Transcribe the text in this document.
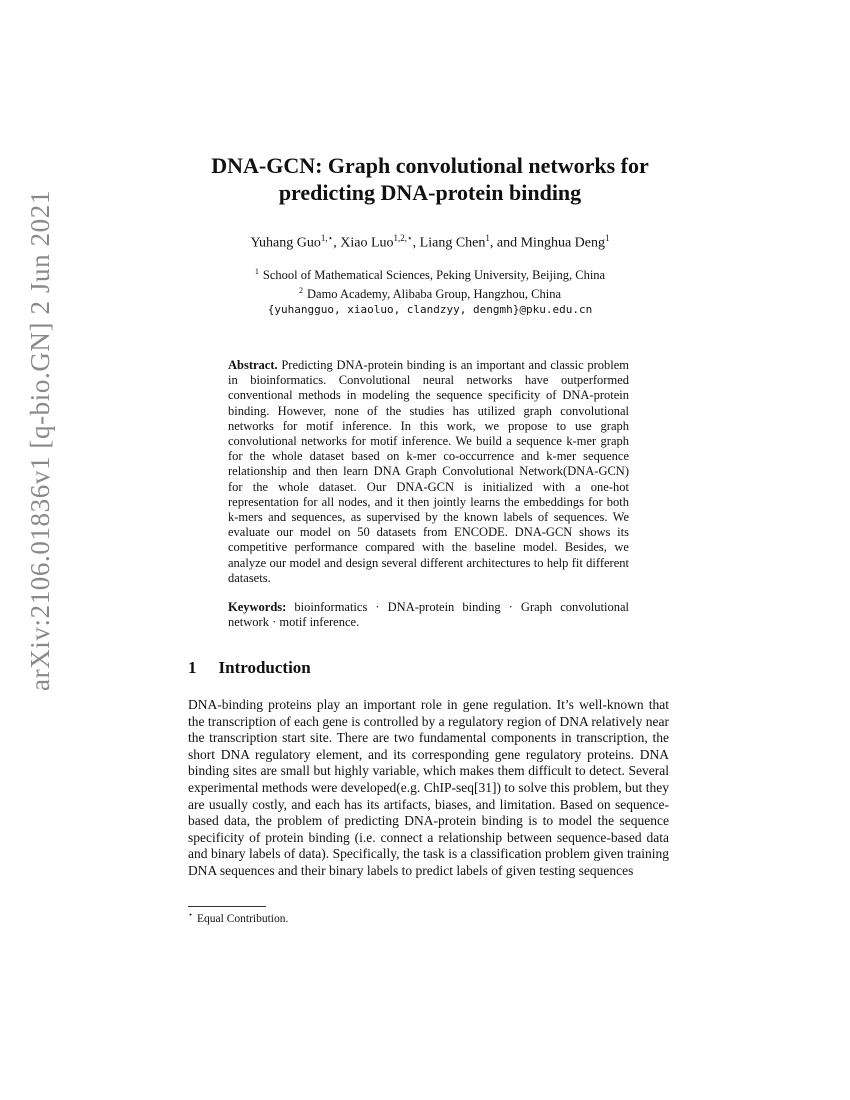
arXiv:2106.01836v1 [q-bio.GN] 2 Jun 2021
DNA-GCN: Graph convolutional networks for
predicting DNA-protein binding
Yuhang Guo$^{1,⋆}$, Xiao Luo$^{1,2,⋆}$, Liang Chen$^1$, and Minghua Deng$^1$
$^1$ School of Mathematical Sciences, Peking University, Beijing, China
$^2$ Damo Academy, Alibaba Group, Hangzhou, China
{yuhangguo, xiaoluo, clandzyy, dengmh}@pku.edu.cn
Abstract. Predicting DNA-protein binding is an important and classic problem in bioinformatics. Convolutional neural networks have outperformed conventional methods in modeling the sequence specificity of DNA-protein binding. However, none of the studies has utilized graph convolutional networks for motif inference. In this work, we propose to use graph convolutional networks for motif inference. We build a sequence k-mer graph for the whole dataset based on k-mer co-occurrence and k-mer sequence relationship and then learn DNA Graph Convolutional Network(DNA-GCN) for the whole dataset. Our DNA-GCN is initialized with a one-hot representation for all nodes, and it then jointly learns the embeddings for both k-mers and sequences, as supervised by the known labels of sequences. We evaluate our model on 50 datasets from ENCODE. DNA-GCN shows its competitive performance compared with the baseline model. Besides, we analyze our model and design several different architectures to help fit different datasets.
Keywords: bioinformatics · DNA-protein binding · Graph convolutional network · motif inference.
1 Introduction
DNA-binding proteins play an important role in gene regulation. It’s well-known that the transcription of each gene is controlled by a regulatory region of DNA relatively near the transcription start site. There are two fundamental components in transcription, the short DNA regulatory element, and its corresponding gene regulatory proteins. DNA binding sites are small but highly variable, which makes them difficult to detect. Several experimental methods were developed(e.g. ChIP-seq[31]) to solve this problem, but they are usually costly, and each has its artifacts, biases, and limitation. Based on sequence-based data, the problem of predicting DNA-protein binding is to model the sequence specificity of protein binding (i.e. connect a relationship between sequence-based data and binary labels of data). Specifically, the task is a classification problem given training DNA sequences and their binary labels to predict labels of given testing sequences
⋆ Equal Contribution.
